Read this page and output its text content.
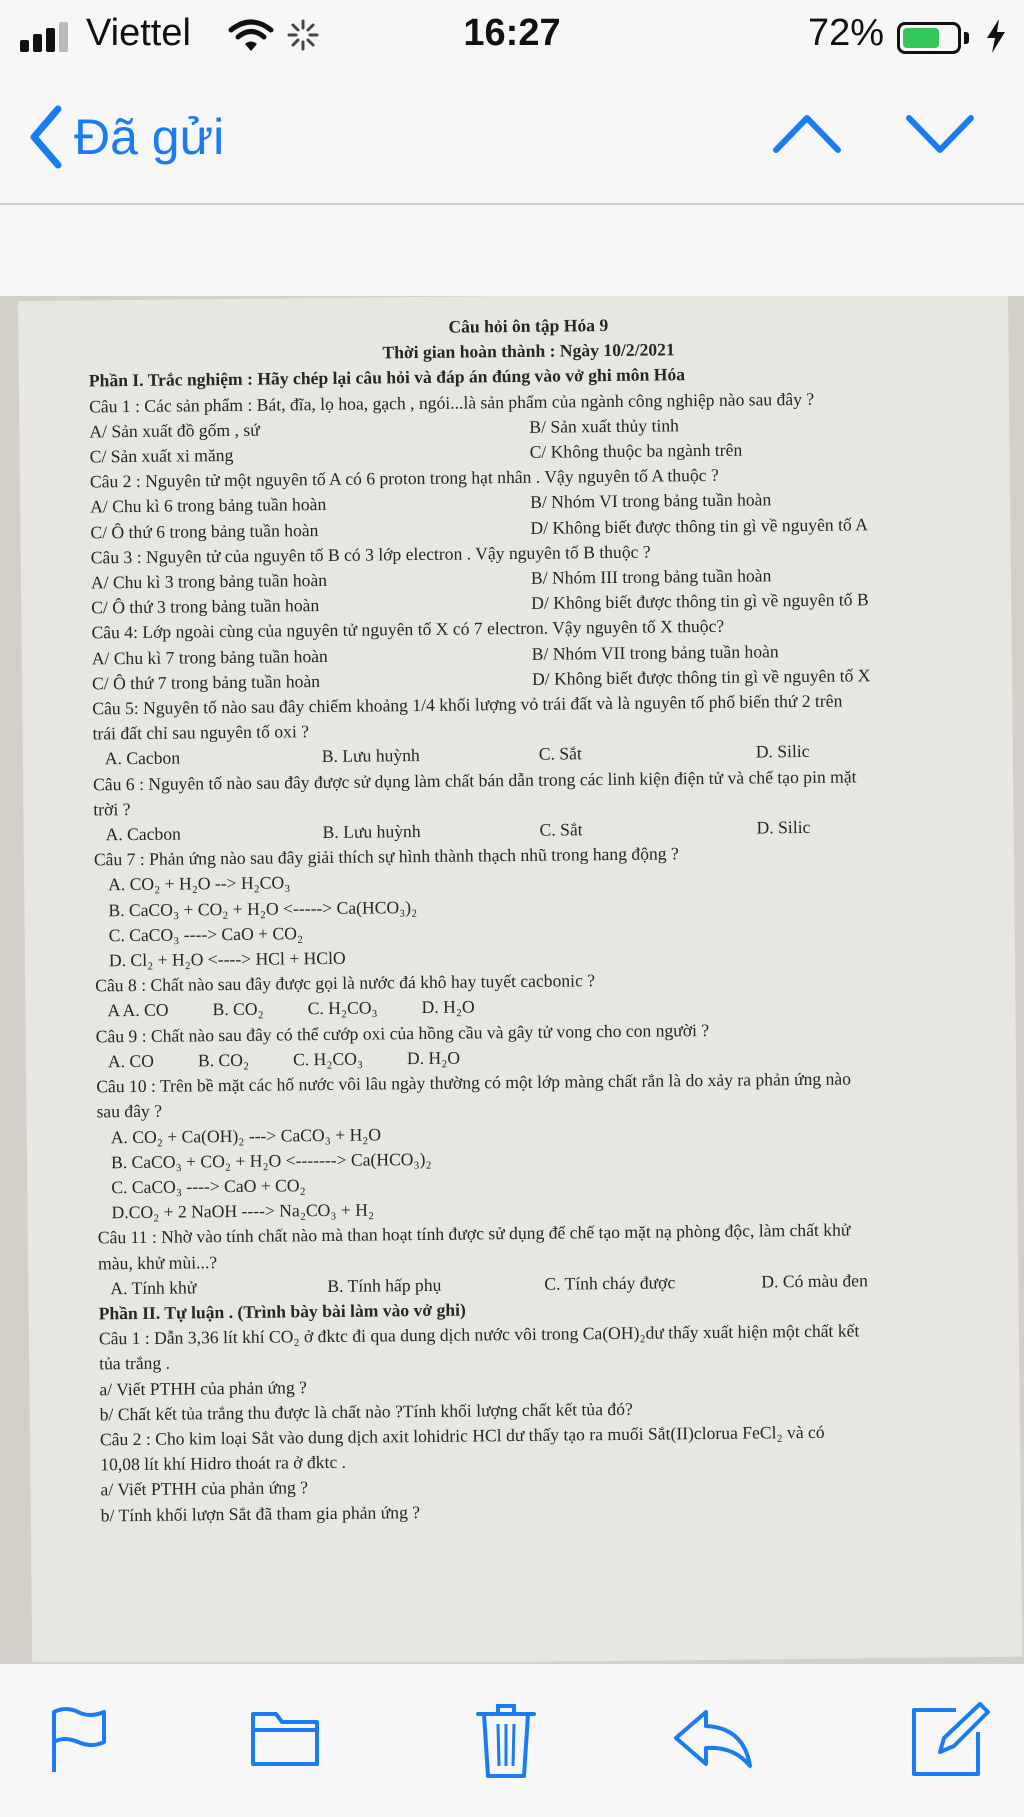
Viettel	16:27	72%
Đã gửi

Câu hỏi ôn tập Hóa 9

Thời gian hoàn thành : Ngày 10/2/2021

Phần I. Trắc nghiệm : Hãy chép lại câu hỏi và đáp án đúng vào vở ghi môn Hóa

Câu 1 : Các sản phẩm : Bát, đĩa, lọ hoa, gạch , ngói...là sản phẩm của ngành công nghiệp nào sau đây ?

A/ Sản xuất đồ gốm , sứ	B/ Sản xuất thủy tinh
C/ Sản xuất xi măng	C/ Không thuộc ba ngành trên

Câu 2 : Nguyên tử một nguyên tố A có 6 proton trong hạt nhân . Vậy nguyên tố A thuộc ?

A/ Chu kì 6 trong bảng tuần hoàn	B/ Nhóm VI trong bảng tuần hoàn
C/ Ô thứ 6 trong bảng tuần hoàn	D/ Không biết được thông tin gì về nguyên tố A

Câu 3 : Nguyên tử của nguyên tố B có 3 lớp electron . Vậy nguyên tố B thuộc ?

A/ Chu kì 3 trong bảng tuần hoàn	B/ Nhóm III trong bảng tuần hoàn
C/ Ô thứ 3 trong bảng tuần hoàn	D/ Không biết được thông tin gì về nguyên tố B

Câu 4: Lớp ngoài cùng của nguyên tử nguyên tố X có 7 electron. Vậy nguyên tố X thuộc?

A/ Chu kì 7 trong bảng tuần hoàn	B/ Nhóm VII trong bảng tuần hoàn
C/ Ô thứ 7 trong bảng tuần hoàn	D/ Không biết được thông tin gì về nguyên tố X

Câu 5: Nguyên tố nào sau đây chiếm khoảng 1/4 khối lượng vỏ trái đất và là nguyên tố phổ biến thứ 2 trên

trái đất chỉ sau nguyên tố oxi ?

A. Cacbon	B. Lưu huỳnh	C. Sắt	D. Silic

Câu 6 : Nguyên tố nào sau đây được sử dụng làm chất bán dẫn trong các linh kiện điện tử và chế tạo pin mặt

trời ?

A. Cacbon	B. Lưu huỳnh	C. Sắt	D. Silic

Câu 7 : Phản ứng nào sau đây giải thích sự hình thành thạch nhũ trong hang động ?

A. CO₂ + H₂O --> H₂CO₃

B. CaCO₃ + CO₂ + H₂O <-----> Ca(HCO₃)₂

C. CaCO₃ ----> CaO + CO₂

D. Cl₂ + H₂O <----> HCl + HClO

Câu 8 : Chất nào sau đây được gọi là nước đá khô hay tuyết cacbonic ?

A A. CO B. CO₂ C. H₂CO₃ D. H₂O

Câu 9 : Chất nào sau đây có thể cướp oxi của hồng cầu và gây tử vong cho con người ?

A. CO B. CO₂ C. H₂CO₃ D. H₂O

Câu 10 : Trên bề mặt các hố nước vôi lâu ngày thường có một lớp màng chất rắn là do xảy ra phản ứng nào

sau đây ?

A. CO₂ + Ca(OH)₂ ---> CaCO₃ + H₂O

B. CaCO₃ + CO₂ + H₂O <-------> Ca(HCO₃)₂

C. CaCO₃ ----> CaO + CO₂

D.CO₂ + 2 NaOH ----> Na₂CO₃ + H₂

Câu 11 : Nhờ vào tính chất nào mà than hoạt tính được sử dụng để chế tạo mặt nạ phòng độc, làm chất khử

màu, khử mùi...?

A. Tính khử	B. Tính hấp phụ	C. Tính cháy được	D. Có màu đen

Phần II. Tự luận . (Trình bày bài làm vào vở ghi)

Câu 1 : Dẫn 3,36 lít khí CO₂ ở đktc đi qua dung dịch nước vôi trong Ca(OH)₂dư thấy xuất hiện một chất kết

tủa trắng .

a/ Viết PTHH của phản ứng ?

b/ Chất kết tủa trắng thu được là chất nào ?Tính khối lượng chất kết tủa đó?

Câu 2 : Cho kim loại Sắt vào dung dịch axit lohidric HCl dư thấy tạo ra muối Sắt(II)clorua FeCl₂ và có

10,08 lít khí Hidro thoát ra ở đktc .

a/ Viết PTHH của phản ứng ?

b/ Tính khối lượn Sắt đã tham gia phản ứng ?
